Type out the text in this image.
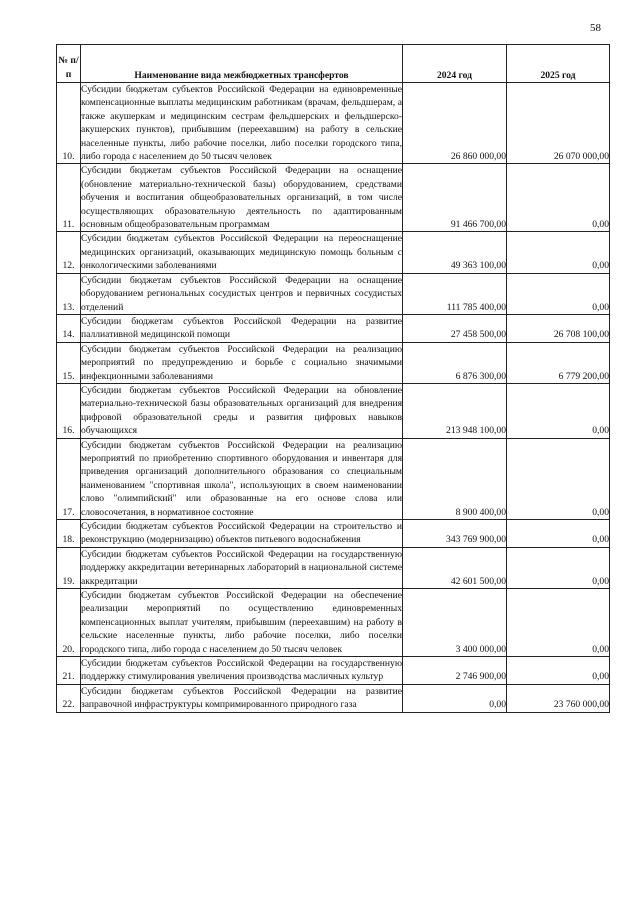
58
№ п/п	Наименование вида межбюджетных трансфертов	2024 год	2025 год
10.	Субсидии бюджетам субъектов Российской Федерации на единовременные компенсационные выплаты медицинским работникам (врачам, фельдшерам, а также акушеркам и медицинским сестрам фельдшерских и фельдшерско-акушерских пунктов), прибывшим (переехавшим) на работу в сельские населенные пункты, либо рабочие поселки, либо поселки городского типа, либо города с населением до 50 тысяч человек	26 860 000,00	26 070 000,00
11.	Субсидии бюджетам субъектов Российской Федерации на оснащение (обновление материально-технической базы) оборудованием, средствами обучения и воспитания общеобразовательных организаций, в том числе осуществляющих образовательную деятельность по адаптированным основным общеобразовательным программам	91 466 700,00	0,00
12.	Субсидии бюджетам субъектов Российской Федерации на переоснащение медицинских организаций, оказывающих медицинскую помощь больным с онкологическими заболеваниями	49 363 100,00	0,00
13.	Субсидии бюджетам субъектов Российской Федерации на оснащение оборудованием региональных сосудистых центров и первичных сосудистых отделений	111 785 400,00	0,00
14.	Субсидии бюджетам субъектов Российской Федерации на развитие паллиативной медицинской помощи	27 458 500,00	26 708 100,00
15.	Субсидии бюджетам субъектов Российской Федерации на реализацию мероприятий по предупреждению и борьбе с социально значимыми инфекционными заболеваниями	6 876 300,00	6 779 200,00
16.	Субсидии бюджетам субъектов Российской Федерации на обновление материально-технической базы образовательных организаций для внедрения цифровой образовательной среды и развития цифровых навыков обучающихся	213 948 100,00	0,00
17.	Субсидии бюджетам субъектов Российской Федерации на реализацию мероприятий по приобретению спортивного оборудования и инвентаря для приведения организаций дополнительного образования со специальным наименованием "спортивная школа", использующих в своем наименовании слово "олимпийский" или образованные на его основе слова или словосочетания, в нормативное состояние	8 900 400,00	0,00
18.	Субсидии бюджетам субъектов Российской Федерации на строительство и реконструкцию (модернизацию) объектов питьевого водоснабжения	343 769 900,00	0,00
19.	Субсидии бюджетам субъектов Российской Федерации на государственную поддержку аккредитации ветеринарных лабораторий в национальной системе аккредитации	42 601 500,00	0,00
20.	Субсидии бюджетам субъектов Российской Федерации на обеспечение реализации мероприятий по осуществлению единовременных компенсационных выплат учителям, прибывшим (переехавшим) на работу в сельские населенные пункты, либо рабочие поселки, либо поселки городского типа, либо города с населением до 50 тысяч человек	3 400 000,00	0,00
21.	Субсидии бюджетам субъектов Российской Федерации на государственную поддержку стимулирования увеличения производства масличных культур	2 746 900,00	0,00
22.	Субсидии бюджетам субъектов Российской Федерации на развитие заправочной инфраструктуры компримированного природного газа	0,00	23 760 000,00
